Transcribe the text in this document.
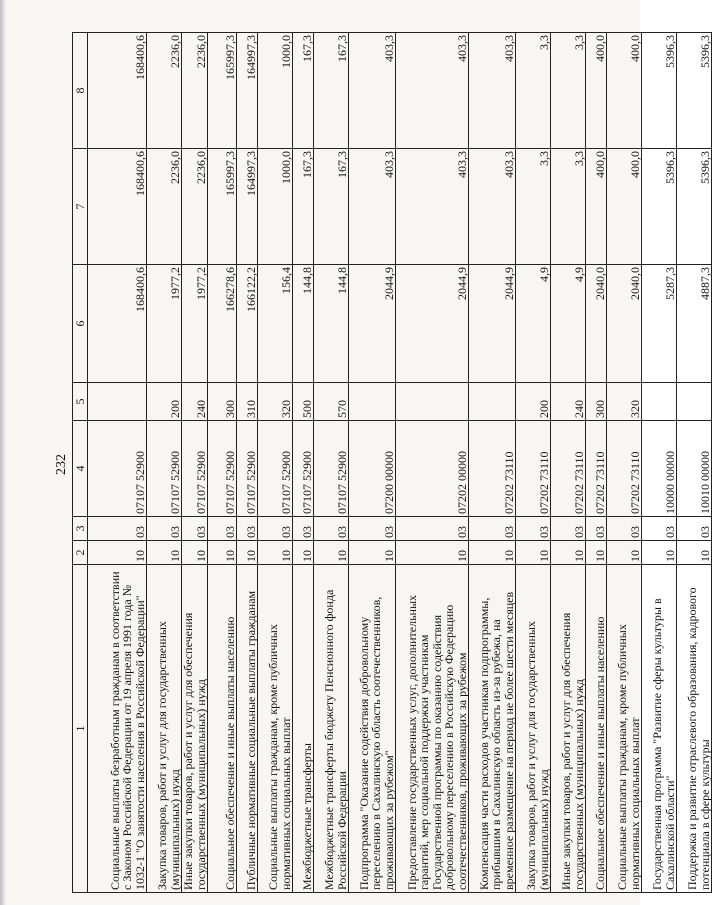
232
1	2	3	4	5	6	7	8
Социальные выплаты безработным гражданам в соответствии с Законом Российской Федерации от 19 апреля 1991 года № 1032-1 "О занятости населения в Российской Федерации"	10	03	07107 52900		168400,6	168400,6	168400,6
Закупка товаров, работ и услуг для государственных (муниципальных) нужд	10	03	07107 52900	200	1977,2	2236,0	2236,0
Иные закупки товаров, работ и услуг для обеспечения государственных (муниципальных) нужд	10	03	07107 52900	240	1977,2	2236,0	2236,0
Социальное обеспечение и иные выплаты населению	10	03	07107 52900	300	166278,6	165997,3	165997,3
Публичные нормативные социальные выплаты гражданам	10	03	07107 52900	310	166122,2	164997,3	164997,3
Социальные выплаты гражданам, кроме публичных нормативных социальных выплат	10	03	07107 52900	320	156,4	1000,0	1000,0
Межбюджетные трансферты	10	03	07107 52900	500	144,8	167,3	167,3
Межбюджетные трансферты бюджету Пенсионного фонда Российской Федерации	10	03	07107 52900	570	144,8	167,3	167,3
Подпрограмма "Оказание содействия добровольному переселению в Сахалинскую область соотечественников, проживающих за рубежом"	10	03	07200 00000		2044,9	403,3	403,3
Предоставление государственных услуг, дополнительных гарантий, мер социальной поддержки участникам Государственной программы по оказанию содействия добровольному переселению в Российскую Федерацию соотечественников, проживающих за рубежом	10	03	07202 00000		2044,9	403,3	403,3
Компенсация части расходов участникам подпрограммы, прибывшим в Сахалинскую область из-за рубежа, на временное размещение на период не более шести месяцев	10	03	07202 73110		2044,9	403,3	403,3
Закупка товаров, работ и услуг для государственных (муниципальных) нужд	10	03	07202 73110	200	4,9	3,3	3,3
Иные закупки товаров, работ и услуг для обеспечения государственных (муниципальных) нужд	10	03	07202 73110	240	4,9	3,3	3,3
Социальное обеспечение и иные выплаты населению	10	03	07202 73110	300	2040,0	400,0	400,0
Социальные выплаты гражданам, кроме публичных нормативных социальных выплат	10	03	07202 73110	320	2040,0	400,0	400,0
Государственная программа "Развитие сферы культуры в Сахалинской области"	10	03	10000 00000		5287,3	5396,3	5396,3
Поддержка и развитие отраслевого образования, кадрового потенциала в сфере культуры	10	03	10010 00000		4887,3	5396,3	5396,3
